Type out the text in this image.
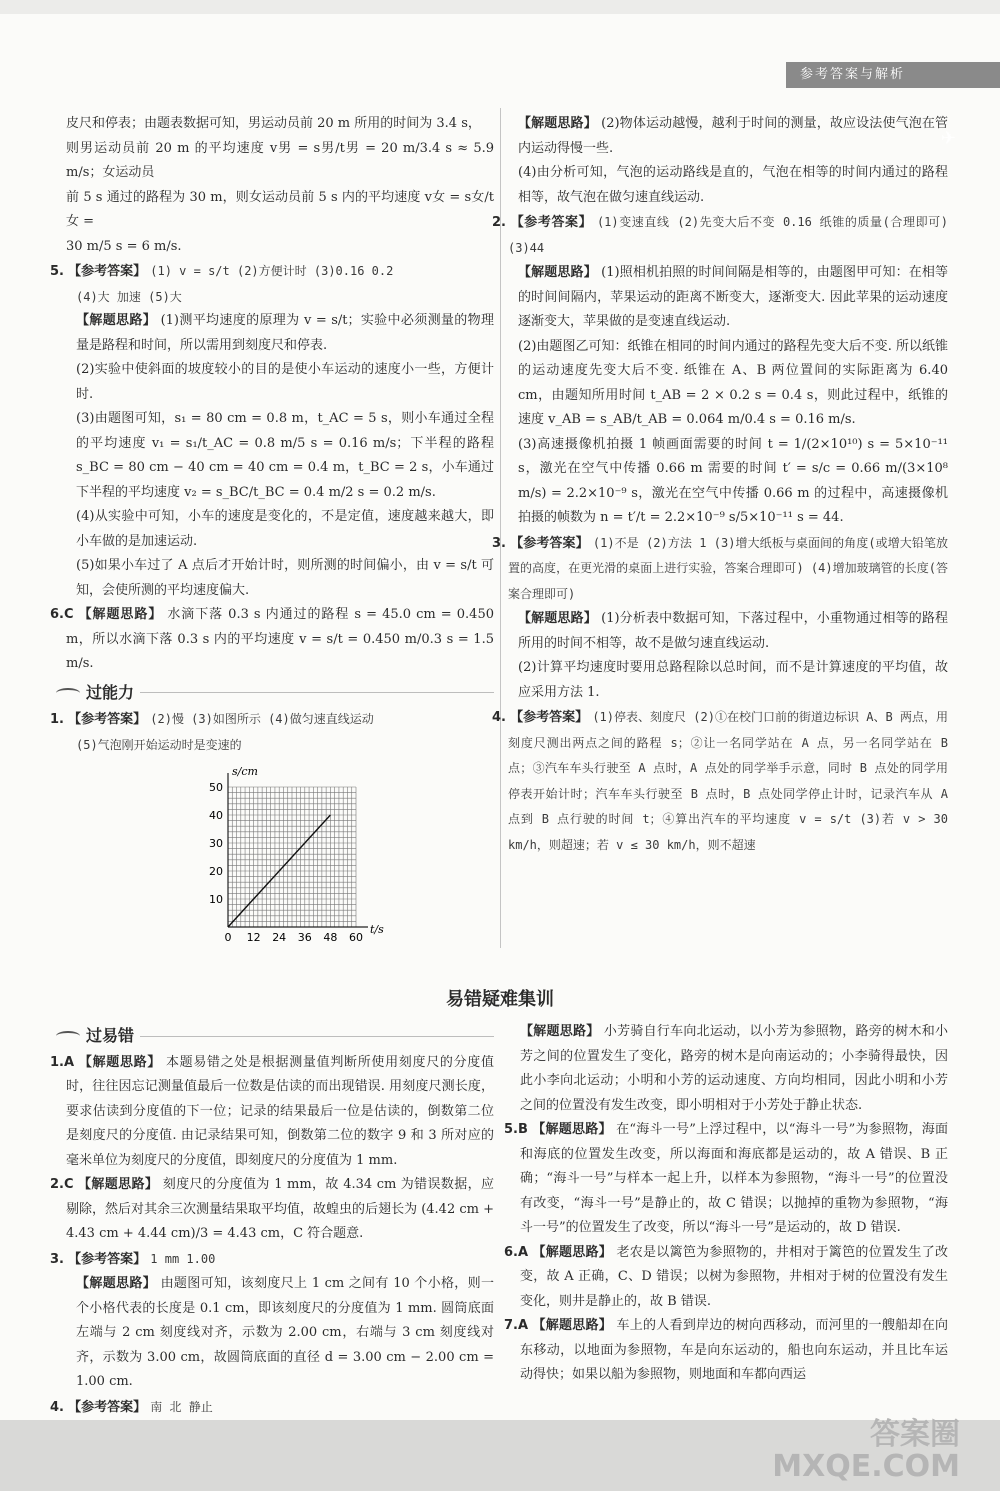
参考答案与解析
✈

皮尺和停表；由题表数据可知，男运动员前 20 m 所用的时间为 3.4 s，

则男运动员前 20 m 的平均速度 v男 = s男/t男 = 20 m/3.4 s ≈ 5.9 m/s；女运动员

前 5 s 通过的路程为 30 m，则女运动员前 5 s 内的平均速度 v女 = s女/t女 =

30 m/5 s = 6 m/s.

5. 【参考答案】 (1) v = s/t (2)方便计时 (3)0.16 0.2

(4)大 加速 (5)大

【解题思路】 (1)测平均速度的原理为 v = s/t；实验中必须测量的物理量是路程和时间，所以需用到刻度尺和停表.

(2)实验中使斜面的坡度较小的目的是使小车运动的速度小一些，方便计时.

(3)由题图可知，s₁ = 80 cm = 0.8 m，t_AC = 5 s，则小车通过全程的平均速度 v₁ = s₁/t_AC = 0.8 m/5 s = 0.16 m/s；下半程的路程 s_BC = 80 cm − 40 cm = 40 cm = 0.4 m，t_BC = 2 s，小车通过下半程的平均速度 v₂ = s_BC/t_BC = 0.4 m/2 s = 0.2 m/s.

(4)从实验中可知，小车的速度是变化的，不是定值，速度越来越大，即小车做的是加速运动.

(5)如果小车过了 A 点后才开始计时，则所测的时间偏小，由 v = s/t 可知，会使所测的平均速度偏大.

6.C 【解题思路】 水滴下落 0.3 s 内通过的路程 s = 45.0 cm = 0.450 m，所以水滴下落 0.3 s 内的平均速度 v = s/t = 0.450 m/0.3 s = 1.5 m/s.

过能力

1. 【参考答案】 (2)慢 (3)如图所示 (4)做匀速直线运动

(5)气泡刚开始运动时是变速的

0 12 24 36 48 60
10
20
30
40
50
t/s
s/cm

【解题思路】 (2)物体运动越慢，越利于时间的测量，故应设法使气泡在管内运动得慢一些.

(4)由分析可知，气泡的运动路线是直的，气泡在相等的时间内通过的路程相等，故气泡在做匀速直线运动.

2. 【参考答案】 (1)变速直线 (2)先变大后不变 0.16 纸锥的质量(合理即可) (3)44

【解题思路】 (1)照相机拍照的时间间隔是相等的，由题图甲可知：在相等的时间间隔内，苹果运动的距离不断变大，逐渐变大. 因此苹果的运动速度逐渐变大，苹果做的是变速直线运动.

(2)由题图乙可知：纸锥在相同的时间内通过的路程先变大后不变. 所以纸锥的运动速度先变大后不变. 纸锥在 A、B 两位置间的实际距离为 6.40 cm，由题知所用时间 t_AB = 2 × 0.2 s = 0.4 s，则此过程中，纸锥的速度 v_AB = s_AB/t_AB = 0.064 m/0.4 s = 0.16 m/s.

(3)高速摄像机拍摄 1 帧画面需要的时间 t = 1/(2×10¹⁰) s = 5×10⁻¹¹ s，激光在空气中传播 0.66 m 需要的时间 t′ = s/c = 0.66 m/(3×10⁸ m/s) = 2.2×10⁻⁹ s，激光在空气中传播 0.66 m 的过程中，高速摄像机拍摄的帧数为 n = t′/t = 2.2×10⁻⁹ s/5×10⁻¹¹ s = 44.

3. 【参考答案】 (1)不是 (2)方法 1 (3)增大纸板与桌面间的角度(或增大铅笔放置的高度，在更光滑的桌面上进行实验，答案合理即可) (4)增加玻璃管的长度(答案合理即可)

【解题思路】 (1)分析表中数据可知，下落过程中，小重物通过相等的路程所用的时间不相等，故不是做匀速直线运动.

(2)计算平均速度时要用总路程除以总时间，而不是计算速度的平均值，故应采用方法 1.

4. 【参考答案】 (1)停表、刻度尺 (2)①在校门口前的街道边标识 A、B 两点，用刻度尺测出两点之间的路程 s；②让一名同学站在 A 点，另一名同学站在 B 点；③汽车车头行驶至 A 点时，A 点处的同学举手示意，同时 B 点处的同学用停表开始计时；汽车车头行驶至 B 点时，B 点处同学停止计时，记录汽车从 A 点到 B 点行驶的时间 t；④算出汽车的平均速度 v = s/t (3)若 v > 30 km/h，则超速；若 v ≤ 30 km/h，则不超速

易错疑难集训
过易错

1.A 【解题思路】 本题易错之处是根据测量值判断所使用刻度尺的分度值时，往往因忘记测量值最后一位数是估读的而出现错误. 用刻度尺测长度，要求估读到分度值的下一位；记录的结果最后一位是估读的，倒数第二位是刻度尺的分度值. 由记录结果可知，倒数第二位的数字 9 和 3 所对应的毫米单位为刻度尺的分度值，即刻度尺的分度值为 1 mm.

2.C 【解题思路】 刻度尺的分度值为 1 mm，故 4.34 cm 为错误数据，应剔除，然后对其余三次测量结果取平均值，故蝗虫的后翅长为 (4.42 cm + 4.43 cm + 4.44 cm)/3 = 4.43 cm，C 符合题意.

3. 【参考答案】 1 mm 1.00

【解题思路】 由题图可知，该刻度尺上 1 cm 之间有 10 个小格，则一个小格代表的长度是 0.1 cm，即该刻度尺的分度值为 1 mm. 圆筒底面左端与 2 cm 刻度线对齐，示数为 2.00 cm，右端与 3 cm 刻度线对齐，示数为 3.00 cm，故圆筒底面的直径 d = 3.00 cm − 2.00 cm = 1.00 cm.

4. 【参考答案】 南 北 静止

【解题思路】 小芳骑自行车向北运动，以小芳为参照物，路旁的树木和小芳之间的位置发生了变化，路旁的树木是向南运动的；小李骑得最快，因此小李向北运动；小明和小芳的运动速度、方向均相同，因此小明和小芳之间的位置没有发生改变，即小明相对于小芳处于静止状态.

5.B 【解题思路】 在“海斗一号”上浮过程中，以“海斗一号”为参照物，海面和海底的位置发生改变，所以海面和海底都是运动的，故 A 错误、B 正确；“海斗一号”与样本一起上升，以样本为参照物，“海斗一号”的位置没有改变，“海斗一号”是静止的，故 C 错误；以抛掉的重物为参照物，“海斗一号”的位置发生了改变，所以“海斗一号”是运动的，故 D 错误.

6.A 【解题思路】 老农是以篱笆为参照物的，井相对于篱笆的位置发生了改变，故 A 正确，C、D 错误；以树为参照物，井相对于树的位置没有发生变化，则井是静止的，故 B 错误.

7.A 【解题思路】 车上的人看到岸边的树向西移动，而河里的一艘船却在向东移动，以地面为参照物，车是向东运动的，船也向东运动，并且比车运动得快；如果以船为参照物，则地面和车都向西运

答案圈
MXQE.COM
